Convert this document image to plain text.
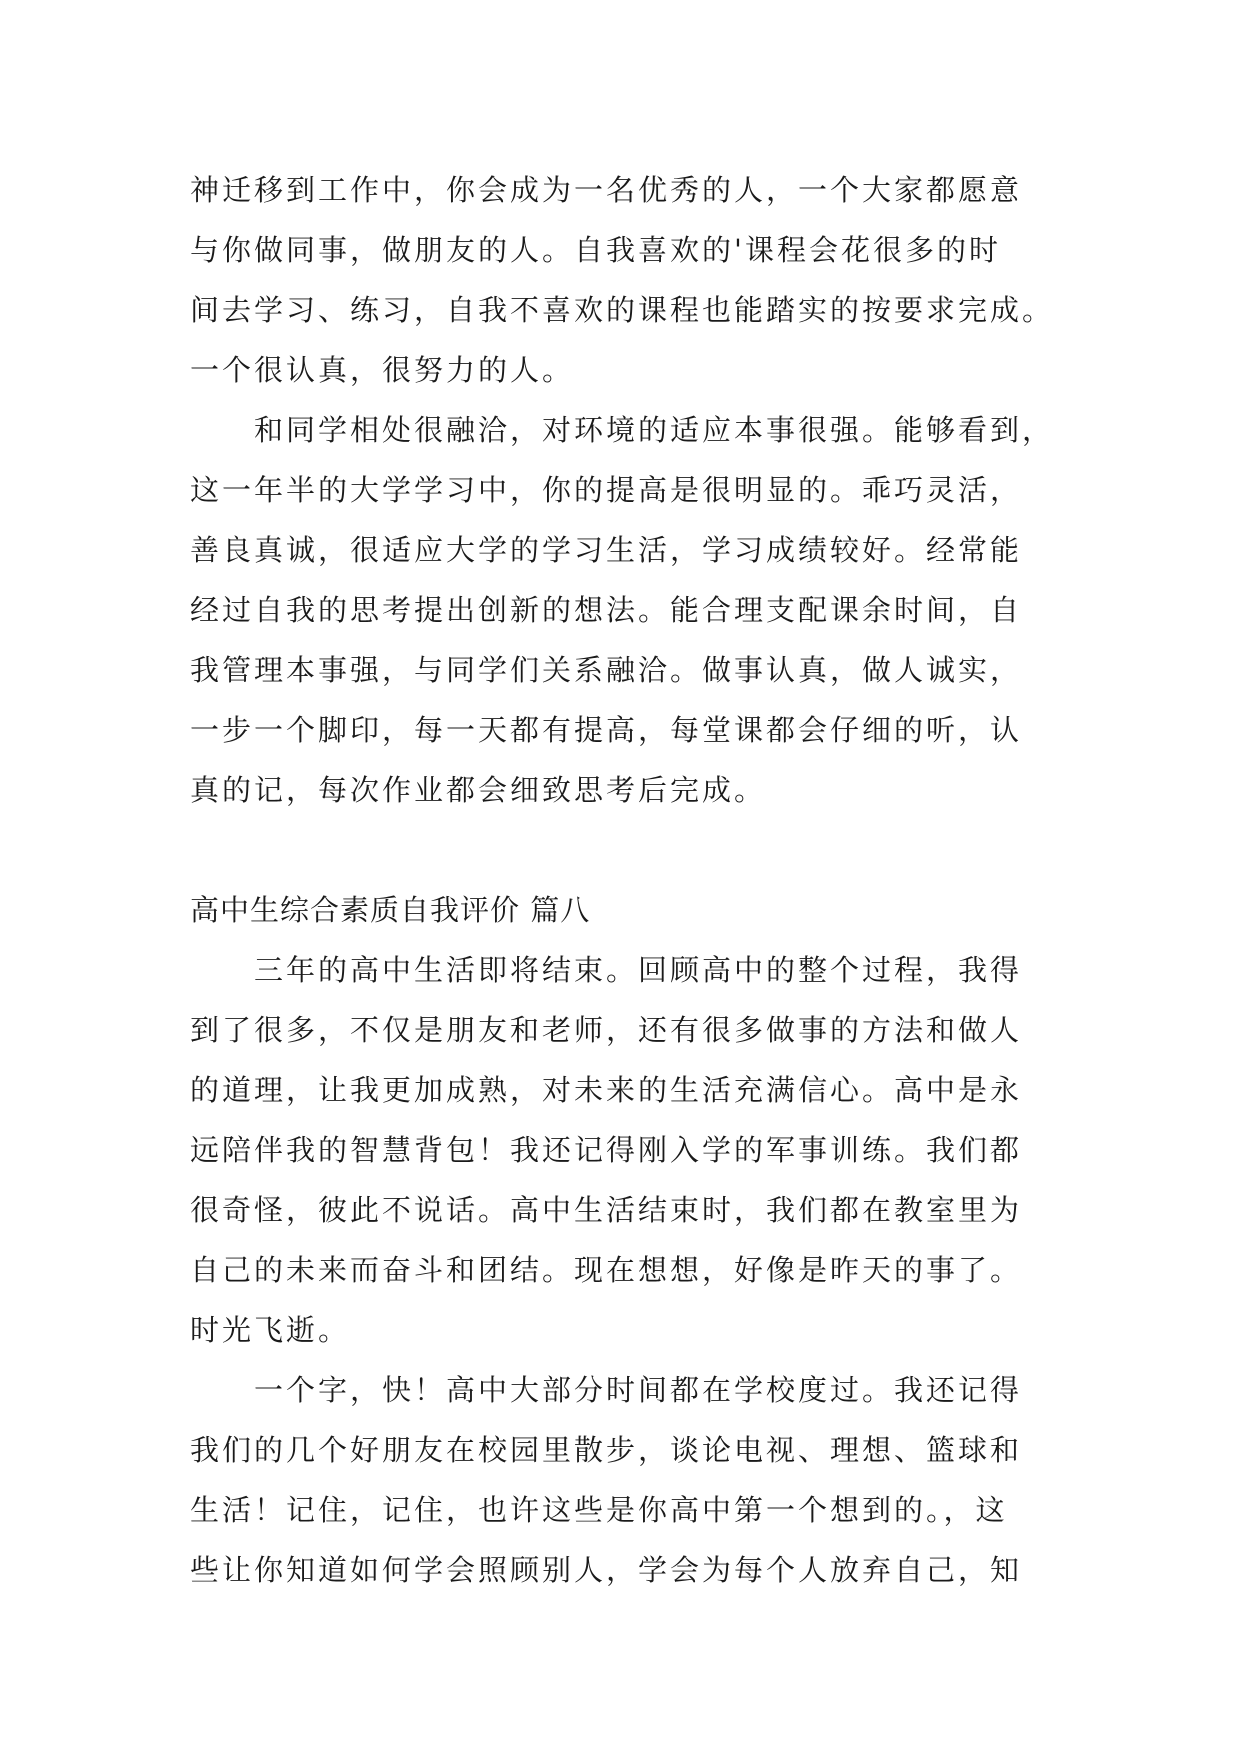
神迁移到工作中，你会成为一名优秀的人，一个大家都愿意
与你做同事，做朋友的人。自我喜欢的'课程会花很多的时
间去学习、练习，自我不喜欢的课程也能踏实的按要求完成。
一个很认真，很努力的人。
　　和同学相处很融洽，对环境的适应本事很强。能够看到，
这一年半的大学学习中，你的提高是很明显的。乖巧灵活，
善良真诚，很适应大学的学习生活，学习成绩较好。经常能
经过自我的思考提出创新的想法。能合理支配课余时间，自
我管理本事强，与同学们关系融洽。做事认真，做人诚实，
一步一个脚印，每一天都有提高，每堂课都会仔细的听，认
真的记，每次作业都会细致思考后完成。
高中生综合素质自我评价 篇八
　　三年的高中生活即将结束。回顾高中的整个过程，我得
到了很多，不仅是朋友和老师，还有很多做事的方法和做人
的道理，让我更加成熟，对未来的生活充满信心。高中是永
远陪伴我的智慧背包！我还记得刚入学的军事训练。我们都
很奇怪，彼此不说话。高中生活结束时，我们都在教室里为
自己的未来而奋斗和团结。现在想想，好像是昨天的事了。
时光飞逝。
　　一个字，快！高中大部分时间都在学校度过。我还记得
我们的几个好朋友在校园里散步，谈论电视、理想、篮球和
生活！记住，记住，也许这些是你高中第一个想到的。，这
些让你知道如何学会照顾别人，学会为每个人放弃自己，知
